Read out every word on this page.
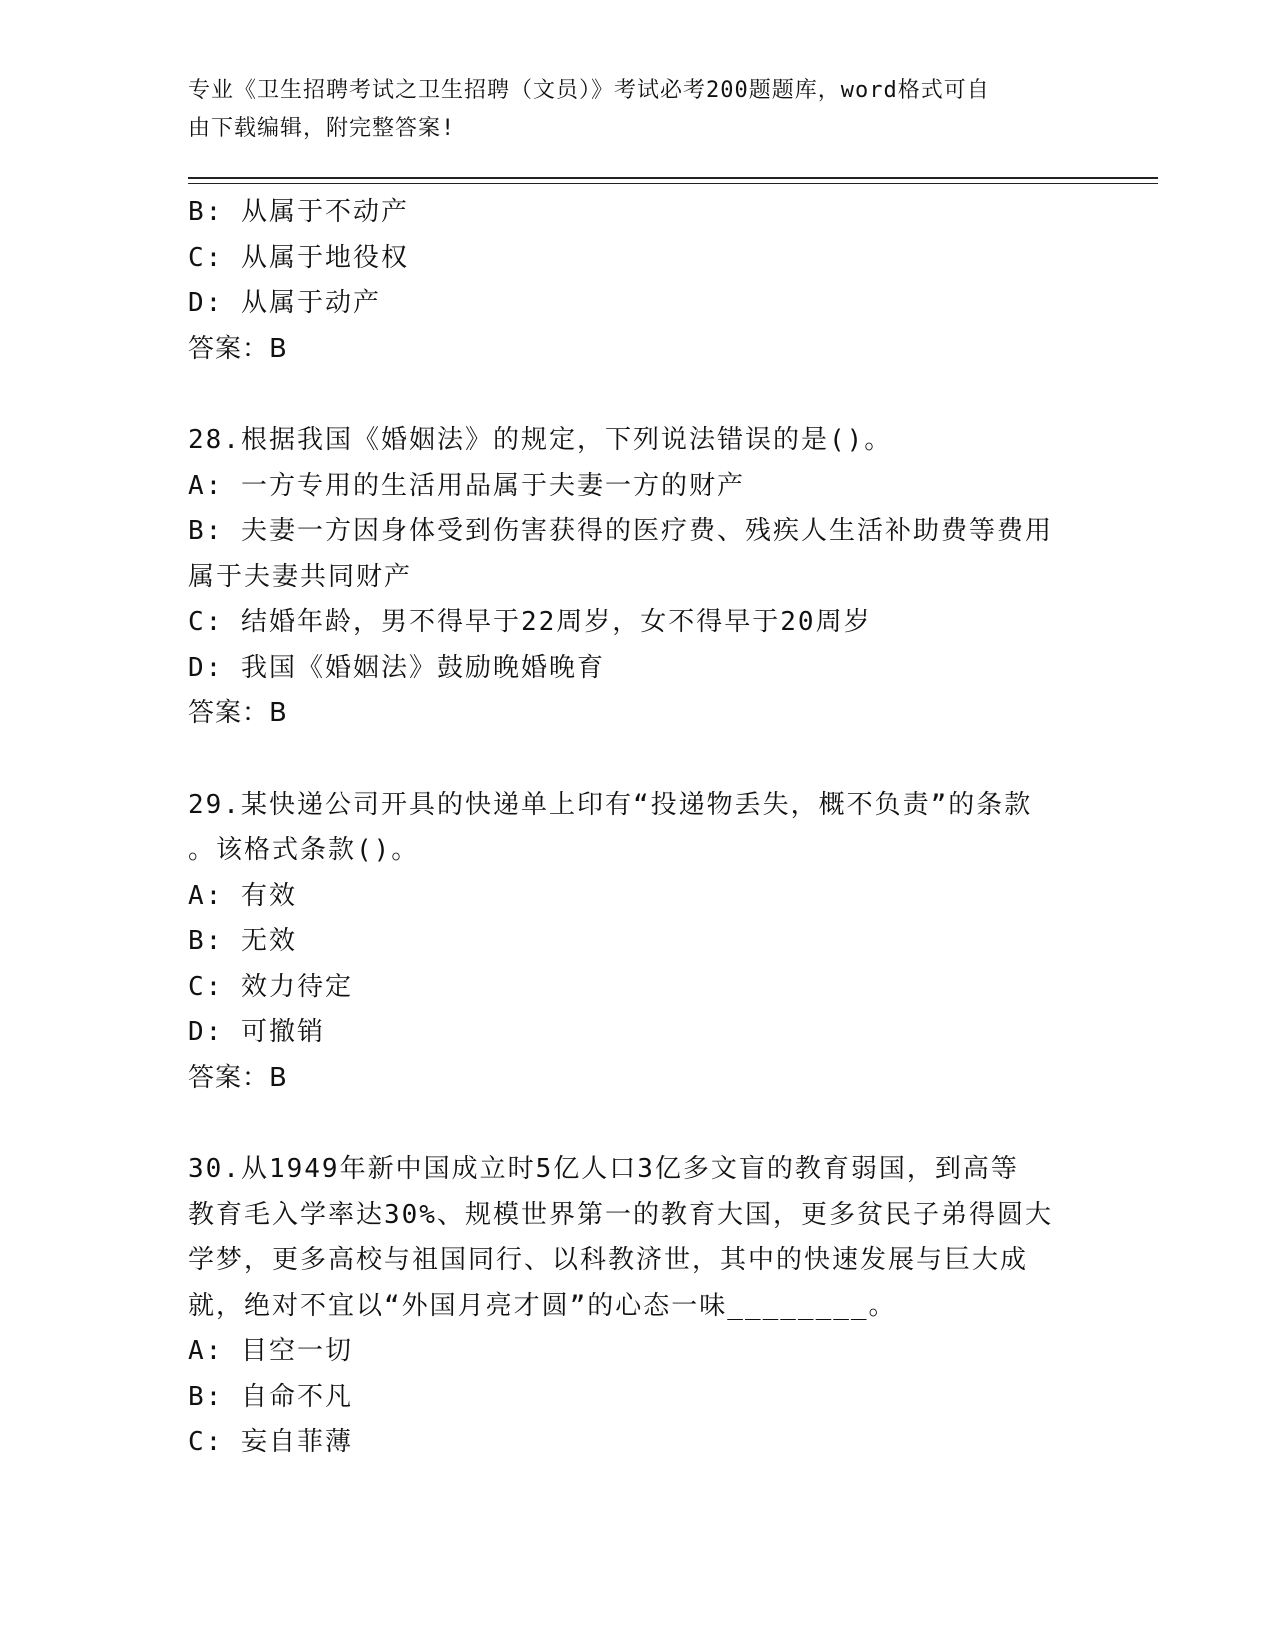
专业《卫生招聘考试之卫生招聘（文员）》考试必考200题题库，word格式可自
由下载编辑，附完整答案!
B: 从属于不动产
C: 从属于地役权
D: 从属于动产
答案：B
28.根据我国《婚姻法》的规定，下列说法错误的是()。
A: 一方专用的生活用品属于夫妻一方的财产
B: 夫妻一方因身体受到伤害获得的医疗费、残疾人生活补助费等费用
属于夫妻共同财产
C: 结婚年龄，男不得早于22周岁，女不得早于20周岁
D: 我国《婚姻法》鼓励晚婚晚育
答案：B
29.某快递公司开具的快递单上印有“投递物丢失，概不负责”的条款
。该格式条款()。
A: 有效
B: 无效
C: 效力待定
D: 可撤销
答案：B
30.从1949年新中国成立时5亿人口3亿多文盲的教育弱国，到高等
教育毛入学率达30%、规模世界第一的教育大国，更多贫民子弟得圆大
学梦，更多高校与祖国同行、以科教济世，其中的快速发展与巨大成
就，绝对不宜以“外国月亮才圆”的心态一味________。
A: 目空一切
B: 自命不凡
C: 妄自菲薄
